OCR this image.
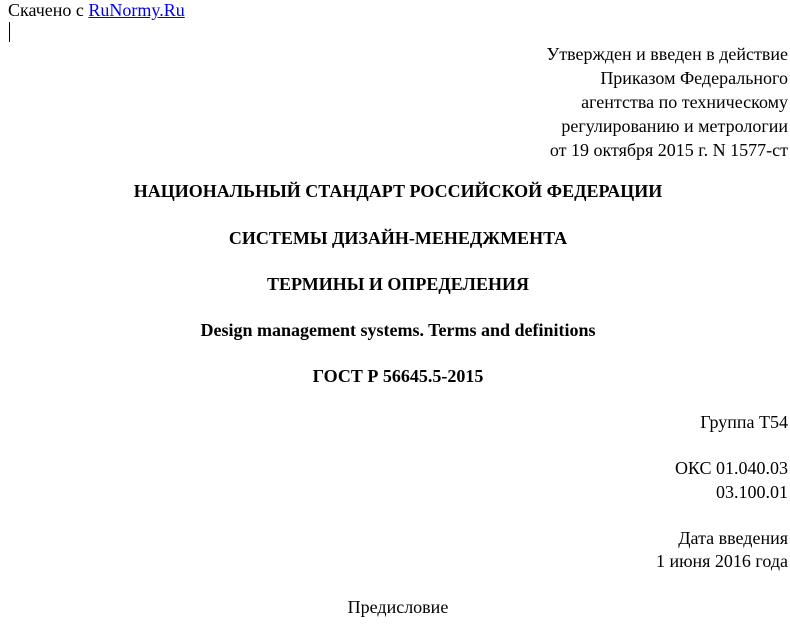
Скачено с RuNormy.Ru
Утвержден и введен в действие
Приказом Федерального
агентства по техническому
регулированию и метрологии
от 19 октября 2015 г. N 1577-ст
НАЦИОНАЛЬНЫЙ СТАНДАРТ РОССИЙСКОЙ ФЕДЕРАЦИИ
СИСТЕМЫ ДИЗАЙН-МЕНЕДЖМЕНТА
ТЕРМИНЫ И ОПРЕДЕЛЕНИЯ
Design management systems. Terms and definitions
ГОСТ Р 56645.5-2015
Группа Т54
ОКС 01.040.03
03.100.01
Дата введения
1 июня 2016 года
Предисловие
